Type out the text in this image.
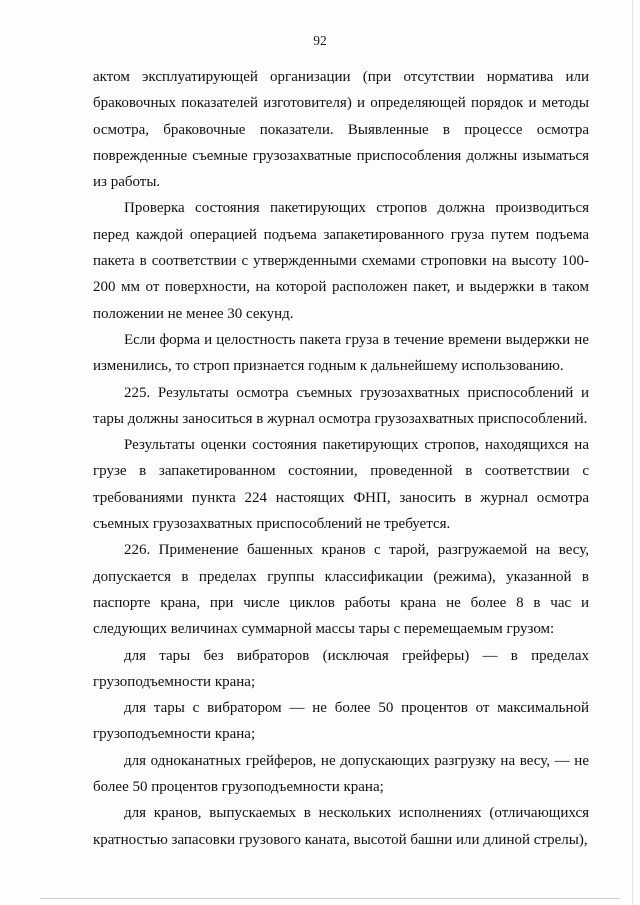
92

актом эксплуатирующей организации (при отсутствии норматива или браковочных показателей изготовителя) и определяющей порядок и методы осмотра, браковочные показатели. Выявленные в процессе осмотра поврежденные съемные грузозахватные приспособления должны изыматься из работы.

Проверка состояния пакетирующих стропов должна производиться перед каждой операцией подъема запакетированного груза путем подъема пакета в соответствии с утвержденными схемами строповки на высоту 100-200 мм от поверхности, на которой расположен пакет, и выдержки в таком положении не менее 30 секунд.

Если форма и целостность пакета груза в течение времени выдержки не изменились, то строп признается годным к дальнейшему использованию.

225. Результаты осмотра съемных грузозахватных приспособлений и тары должны заноситься в журнал осмотра грузозахватных приспособлений.

Результаты оценки состояния пакетирующих стропов, находящихся на грузе в запакетированном состоянии, проведенной в соответствии с требованиями пункта 224 настоящих ФНП, заносить в журнал осмотра съемных грузозахватных приспособлений не требуется.

226. Применение башенных кранов с тарой, разгружаемой на весу, допускается в пределах группы классификации (режима), указанной в паспорте крана, при числе циклов работы крана не более 8 в час и следующих величинах суммарной массы тары с перемещаемым грузом:

для тары без вибраторов (исключая грейферы) — в пределах грузоподъемности крана;

для тары с вибратором — не более 50 процентов от максимальной грузоподъемности крана;

для одноканатных грейферов, не допускающих разгрузку на весу, — не более 50 процентов грузоподъемности крана;

для кранов, выпускаемых в нескольких исполнениях (отличающихся кратностью запасовки грузового каната, высотой башни или длиной стрелы),
